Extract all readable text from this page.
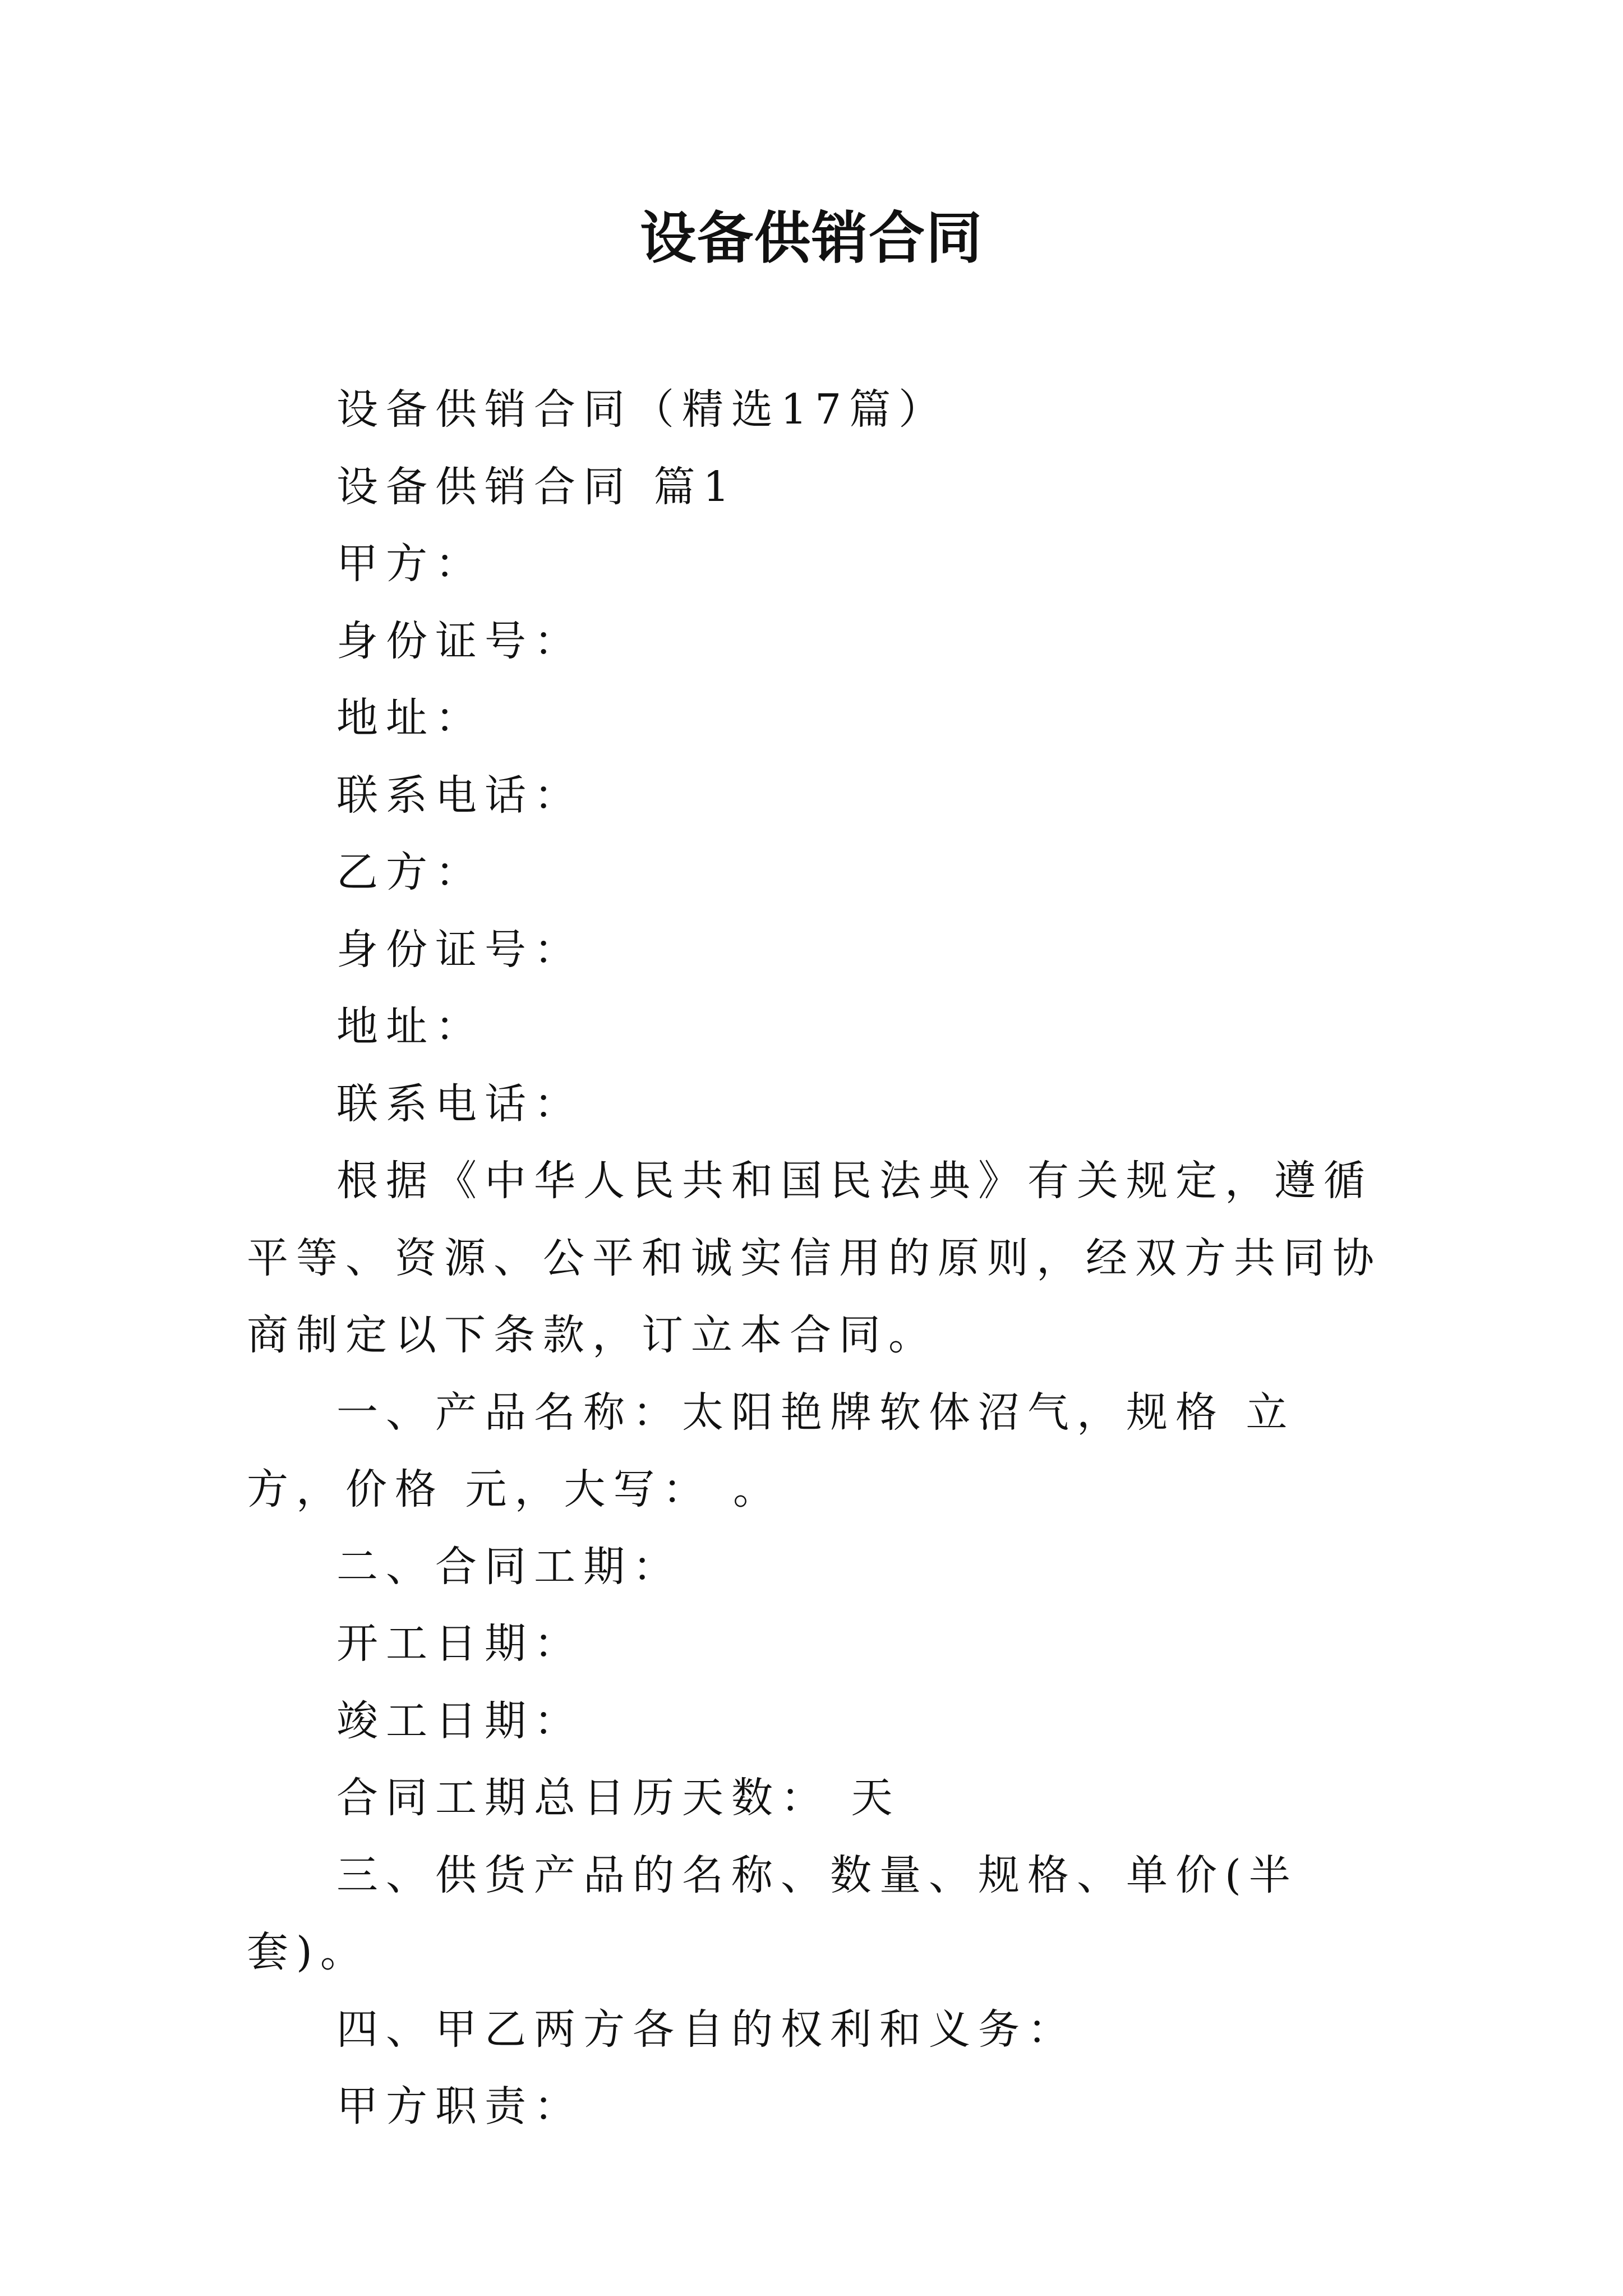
设备供销合同

设备供销合同（精选17篇）

设备供销合同 篇1

甲方：

身份证号：

地址：

联系电话：

乙方：

身份证号：

地址：

联系电话：

根据《中华人民共和国民法典》有关规定，遵循平等、资源、公平和诚实信用的原则，经双方共同协商制定以下条款，订立本合同。

一、产品名称：太阳艳牌软体沼气，规格 立方，价格 元，大写： 。

二、合同工期：

开工日期：

竣工日期：

合同工期总日历天数： 天

三、供货产品的名称、数量、规格、单价(半套)。

四、甲乙两方各自的权利和义务：

甲方职责：
